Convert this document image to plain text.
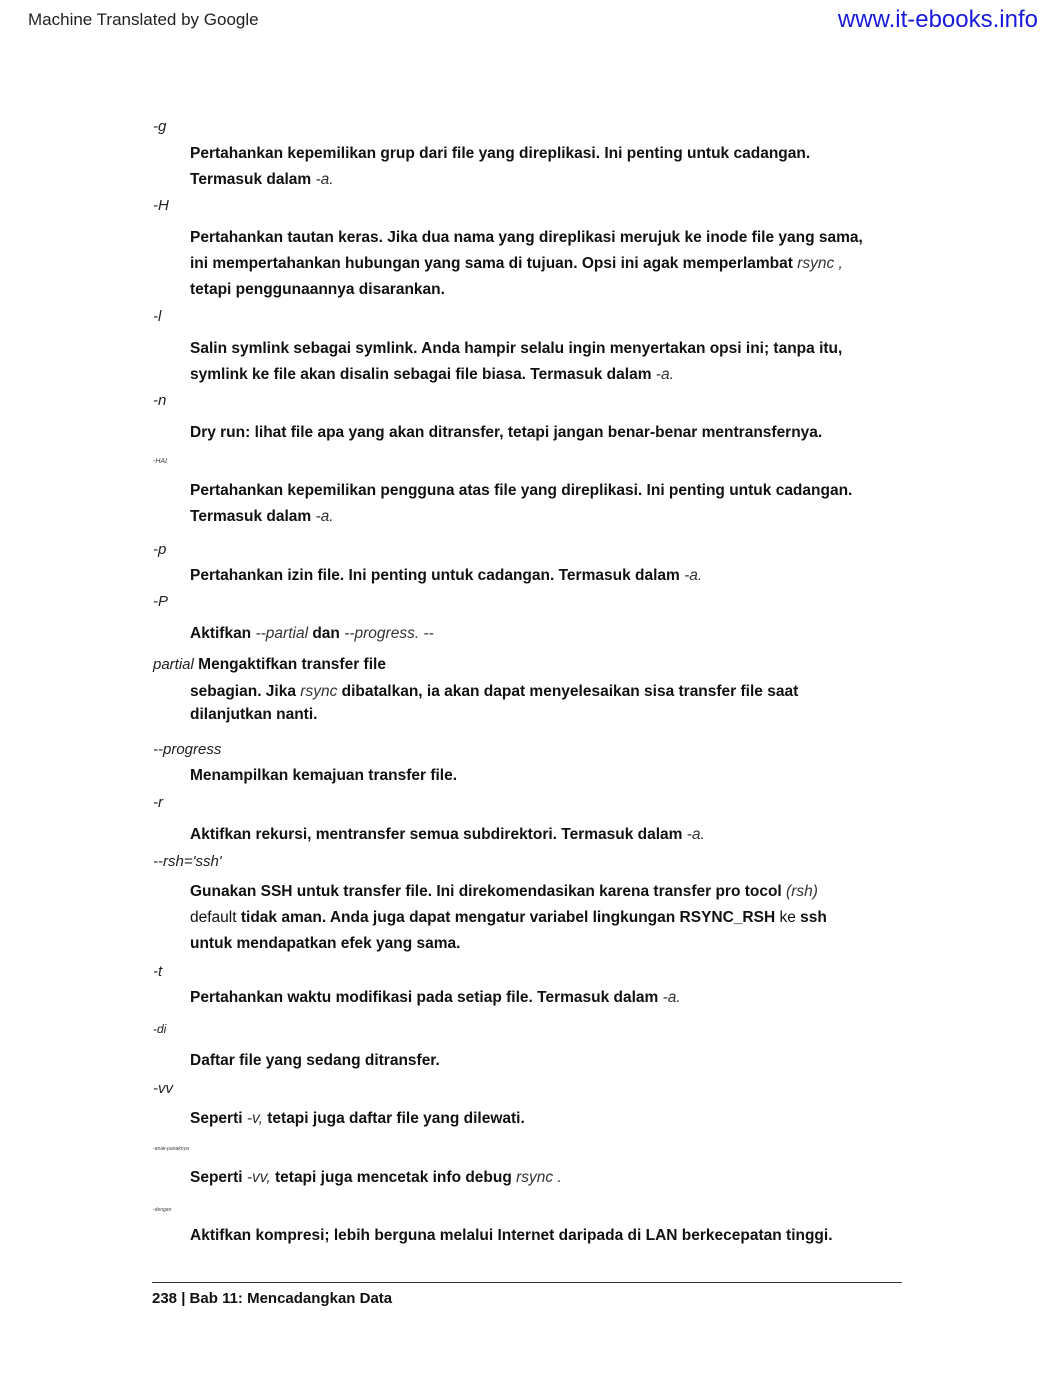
Machine Translated by Google	www.it-ebooks.info
-g
Pertahankan kepemilikan grup dari file yang direplikasi. Ini penting untuk cadangan.
Termasuk dalam -a.
-H
Pertahankan tautan keras. Jika dua nama yang direplikasi merujuk ke inode file yang sama,
ini mempertahankan hubungan yang sama di tujuan. Opsi ini agak memperlambat rsync ,
tetapi penggunaannya disarankan.
-l
Salin symlink sebagai symlink. Anda hampir selalu ingin menyertakan opsi ini; tanpa itu,
symlink ke file akan disalin sebagai file biasa. Termasuk dalam -a.
-n
Dry run: lihat file apa yang akan ditransfer, tetapi jangan benar-benar mentransfernya.
-HAI
Pertahankan kepemilikan pengguna atas file yang direplikasi. Ini penting untuk cadangan.
Termasuk dalam -a.
-p
Pertahankan izin file. Ini penting untuk cadangan. Termasuk dalam -a.
-P
Aktifkan --partial dan --progress. --
partial Mengaktifkan transfer file
sebagian. Jika rsync dibatalkan, ia akan dapat menyelesaikan sisa transfer file saat
dilanjutkan nanti.
--progress
Menampilkan kemajuan transfer file.
-r
Aktifkan rekursi, mentransfer semua subdirektori. Termasuk dalam -a.
--rsh='ssh'
Gunakan SSH untuk transfer file. Ini direkomendasikan karena transfer pro tocol (rsh)
default tidak aman. Anda juga dapat mengatur variabel lingkungan RSYNC_RSH ke ssh
untuk mendapatkan efek yang sama.
-t
Pertahankan waktu modifikasi pada setiap file. Termasuk dalam -a.
-di
Daftar file yang sedang ditransfer.
-vv
Seperti -v, tetapi juga daftar file yang dilewati.
-anak-panaknya
Seperti -vv, tetapi juga mencetak info debug rsync .
-dengan
Aktifkan kompresi; lebih berguna melalui Internet daripada di LAN berkecepatan tinggi.
238 | Bab 11: Mencadangkan Data
